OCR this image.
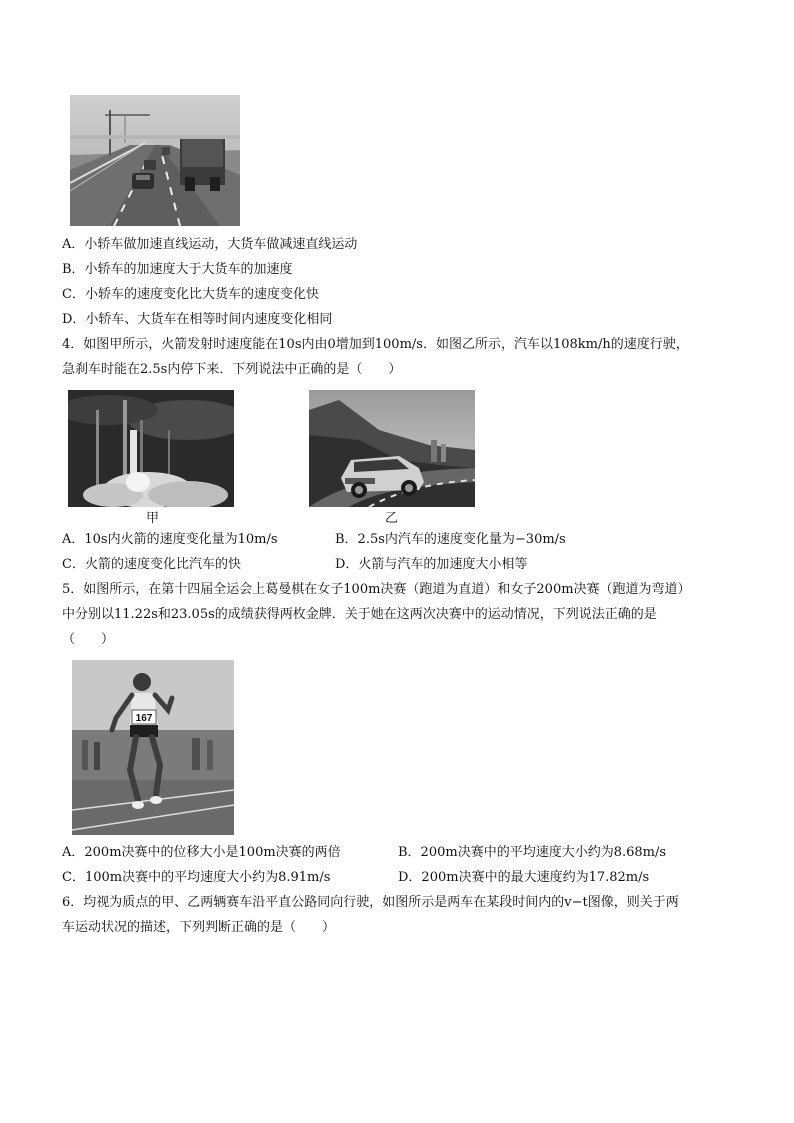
A．小轿车做加速直线运动，大货车做减速直线运动
B．小轿车的加速度大于大货车的加速度
C．小轿车的速度变化比大货车的速度变化快
D．小轿车、大货车在相等时间内速度变化相同
4．如图甲所示，火箭发射时速度能在10s内由0增加到100m/s．如图乙所示，汽车以108km/h的速度行驶，
急刹车时能在2.5s内停下来．下列说法中正确的是（　　）
甲	乙
A．10s内火箭的速度变化量为10m/s	B．2.5s内汽车的速度变化量为−30m/s
C．火箭的速度变化比汽车的快	D．火箭与汽车的加速度大小相等
5．如图所示，在第十四届全运会上葛曼棋在女子100m决赛（跑道为直道）和女子200m决赛（跑道为弯道）
中分别以11.22s和23.05s的成绩获得两枚金牌．关于她在这两次决赛中的运动情况，下列说法正确的是
（　　）
167
A．200m决赛中的位移大小是100m决赛的两倍	B．200m决赛中的平均速度大小约为8.68m/s
C．100m决赛中的平均速度大小约为8.91m/s	D．200m决赛中的最大速度约为17.82m/s
6．均视为质点的甲、乙两辆赛车沿平直公路同向行驶，如图所示是两车在某段时间内的v−t图像，则关于两
车运动状况的描述，下列判断正确的是（　　）
